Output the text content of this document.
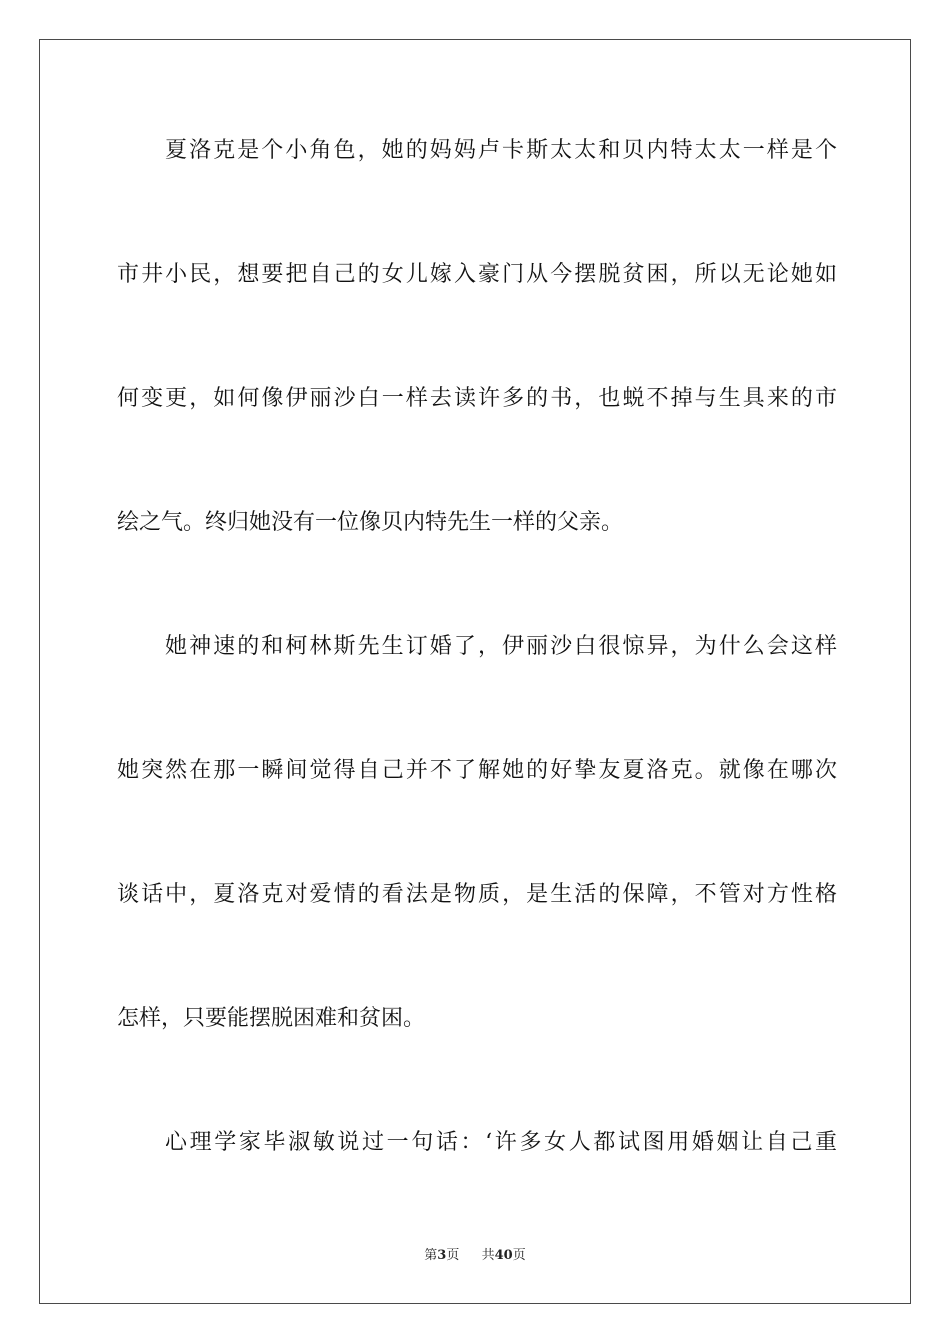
夏洛克是个小角色，她的妈妈卢卡斯太太和贝内特太太一样是个
市井小民，想要把自己的女儿嫁入豪门从今摆脱贫困，所以无论她如
何变更，如何像伊丽沙白一样去读许多的书，也蜕不掉与生具来的市
绘之气。终归她没有一位像贝内特先生一样的父亲。
她神速的和柯林斯先生订婚了，伊丽沙白很惊异，为什么会这样
她突然在那一瞬间觉得自己并不了解她的好挚友夏洛克。就像在哪次
谈话中，夏洛克对爱情的看法是物质，是生活的保障，不管对方性格
怎样，只要能摆脱困难和贫困。
心理学家毕淑敏说过一句话：‘许多女人都试图用婚姻让自己重
第3页 共40页
